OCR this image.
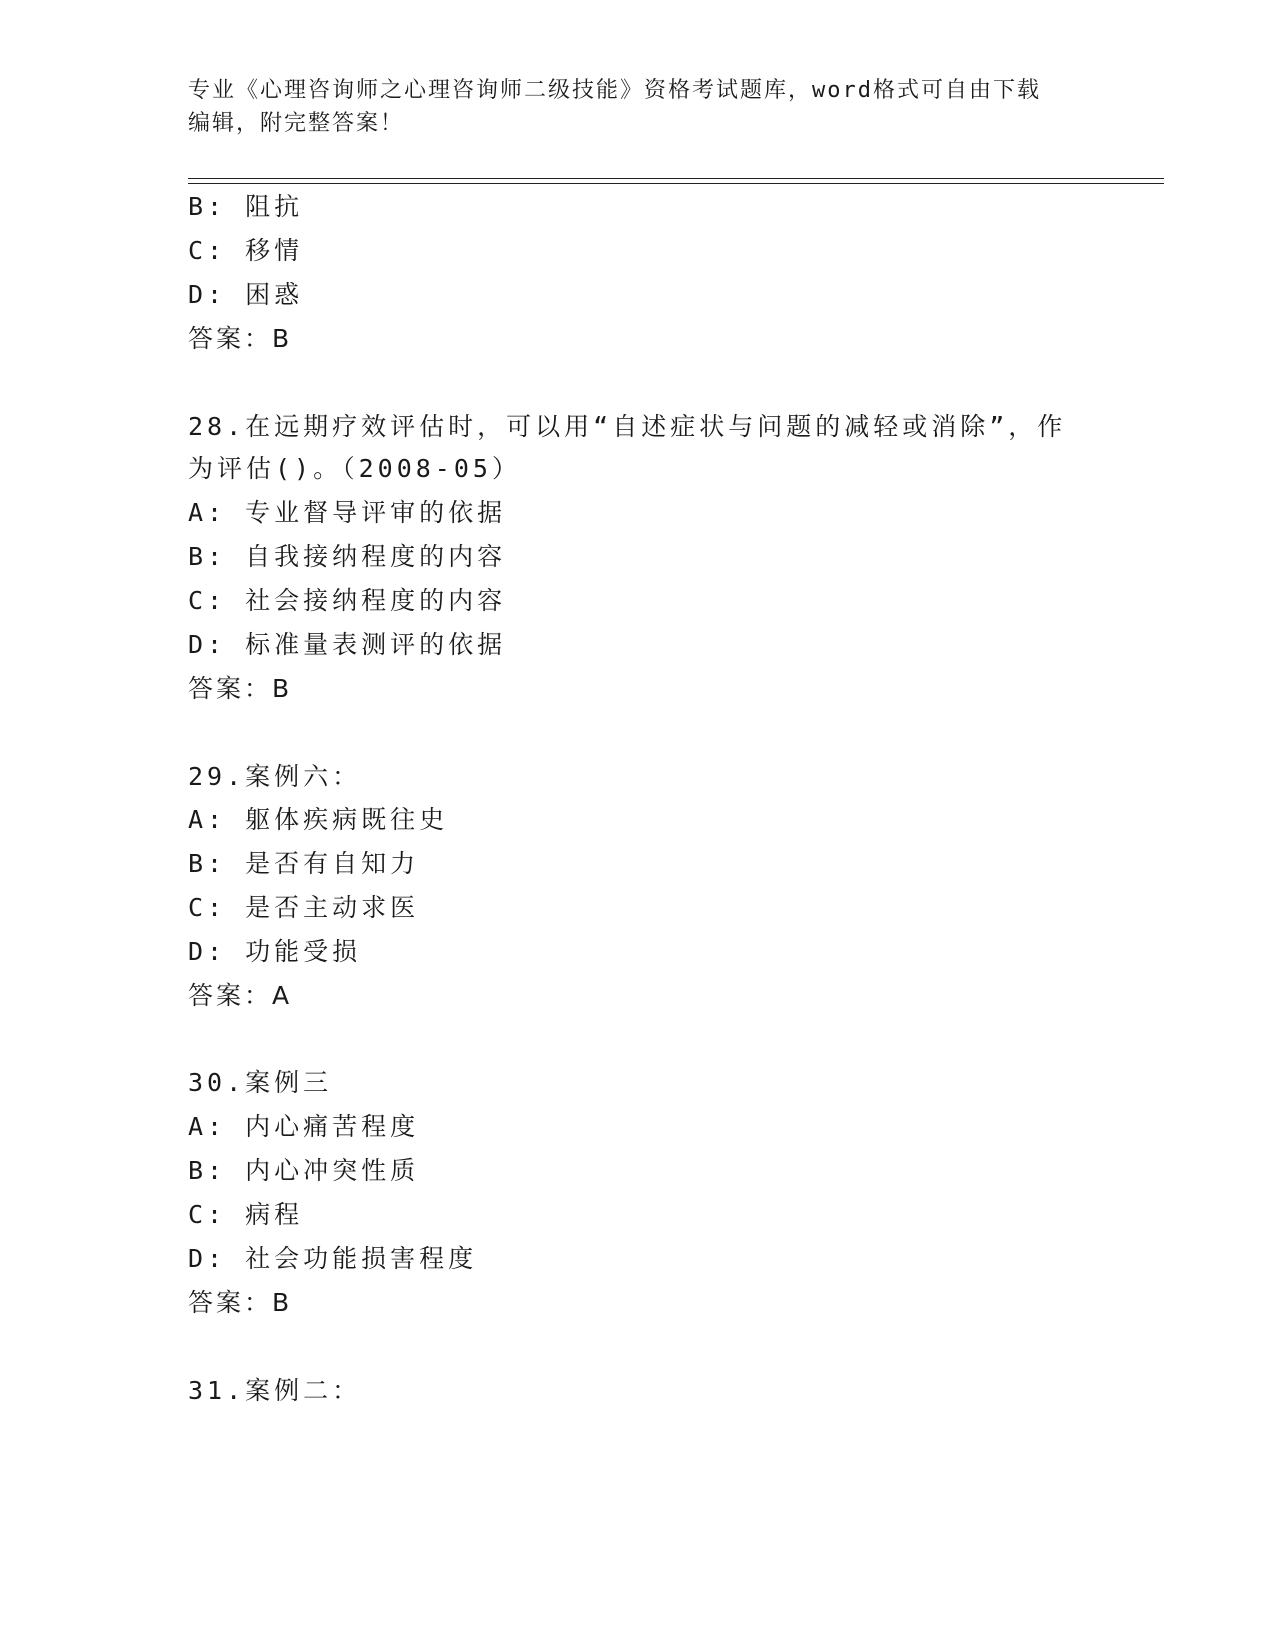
专业《心理咨询师之心理咨询师二级技能》资格考试题库，word格式可自由下载
编辑，附完整答案！
B: 阻抗
C: 移情
D: 困惑
答案：B
28.在远期疗效评估时，可以用“自述症状与问题的减轻或消除”，作
为评估()。（2008-05）
A: 专业督导评审的依据
B: 自我接纳程度的内容
C: 社会接纳程度的内容
D: 标准量表测评的依据
答案：B
29.案例六：
A: 躯体疾病既往史
B: 是否有自知力
C: 是否主动求医
D: 功能受损
答案：A
30.案例三
A: 内心痛苦程度
B: 内心冲突性质
C: 病程
D: 社会功能损害程度
答案：B
31.案例二：
